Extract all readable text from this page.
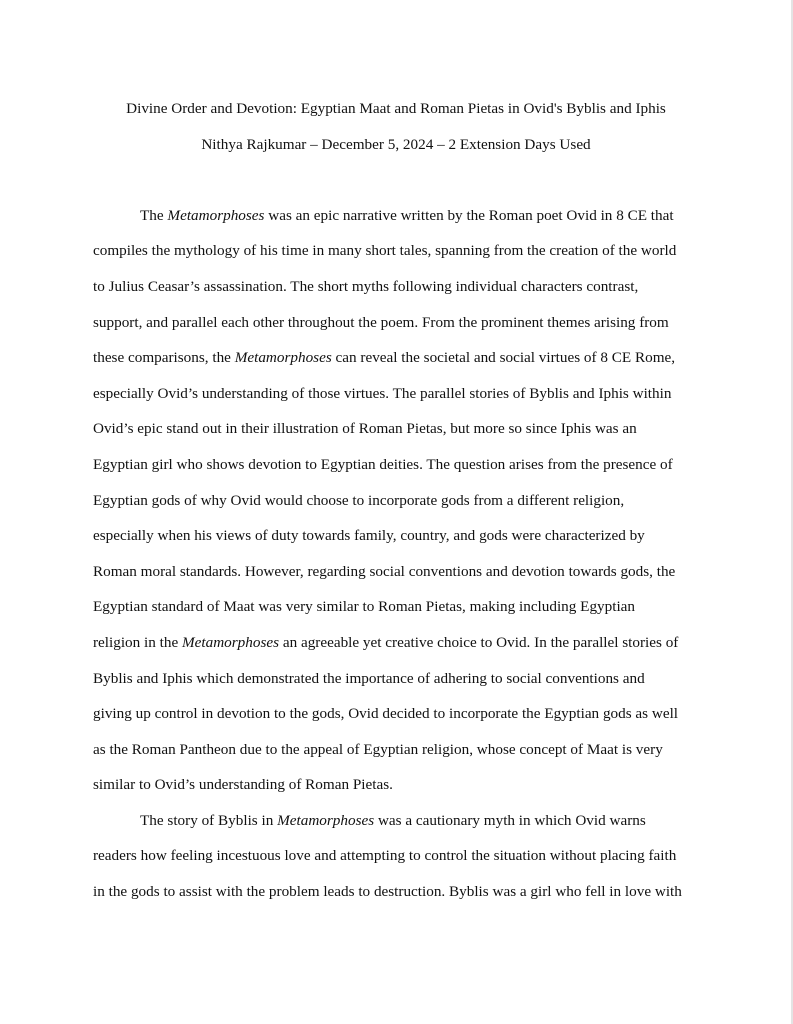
Divine Order and Devotion: Egyptian Maat and Roman Pietas in Ovid's Byblis and Iphis

Nithya Rajkumar – December 5, 2024 – 2 Extension Days Used

The Metamorphoses was an epic narrative written by the Roman poet Ovid in 8 CE that
compiles the mythology of his time in many short tales, spanning from the creation of the world
to Julius Ceasar’s assassination. The short myths following individual characters contrast,
support, and parallel each other throughout the poem. From the prominent themes arising from
these comparisons, the Metamorphoses can reveal the societal and social virtues of 8 CE Rome,
especially Ovid’s understanding of those virtues. The parallel stories of Byblis and Iphis within
Ovid’s epic stand out in their illustration of Roman Pietas, but more so since Iphis was an
Egyptian girl who shows devotion to Egyptian deities. The question arises from the presence of
Egyptian gods of why Ovid would choose to incorporate gods from a different religion,
especially when his views of duty towards family, country, and gods were characterized by
Roman moral standards. However, regarding social conventions and devotion towards gods, the
Egyptian standard of Maat was very similar to Roman Pietas, making including Egyptian
religion in the Metamorphoses an agreeable yet creative choice to Ovid. In the parallel stories of
Byblis and Iphis which demonstrated the importance of adhering to social conventions and
giving up control in devotion to the gods, Ovid decided to incorporate the Egyptian gods as well
as the Roman Pantheon due to the appeal of Egyptian religion, whose concept of Maat is very
similar to Ovid’s understanding of Roman Pietas.

The story of Byblis in Metamorphoses was a cautionary myth in which Ovid warns
readers how feeling incestuous love and attempting to control the situation without placing faith
in the gods to assist with the problem leads to destruction. Byblis was a girl who fell in love with
